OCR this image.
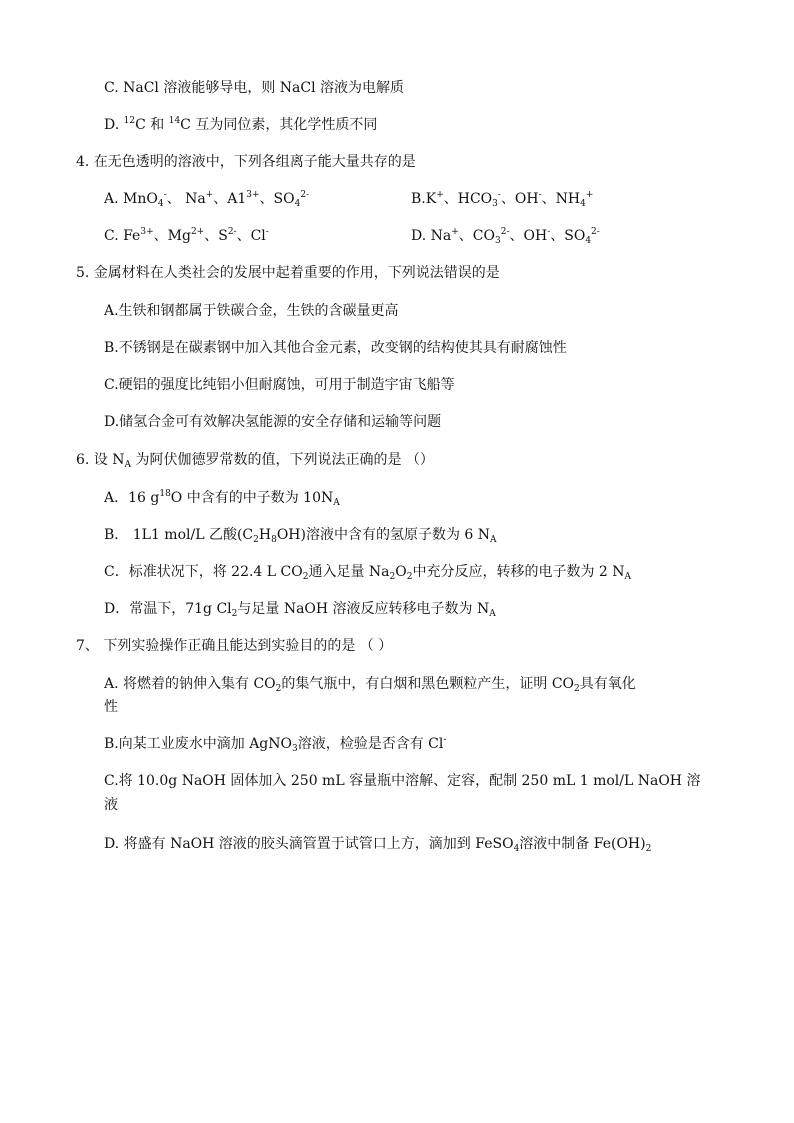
C. NaCl 溶液能够导电，则 NaCl 溶液为电解质
D. $^{12}$C 和 $^{14}$C 互为同位素，其化学性质不同
4. 在无色透明的溶液中，下列各组离子能大量共存的是
A. MnO$_4$-、 Na+、$A1^{3+}$、$SO_4^{2-}$	B.K+、$HCO_3^-$、OH-、$NH_4^+$
C. $Fe^{3+}$、$Mg^{2+}$、$S^{2-}$、Cl-	D. Na+、$CO_3^{2-}$、OH-、$SO_4^{2-}$
5. 金属材料在人类社会的发展中起着重要的作用，下列说法错误的是
A.生铁和钢都属于铁碳合金，生铁的含碳量更高
B.不锈钢是在碳素钢中加入其他合金元素，改变钢的结构使其具有耐腐蚀性
C.硬铝的强度比纯铝小但耐腐蚀，可用于制造宇宙飞船等
D.储氢合金可有效解决氢能源的安全存储和运输等问题
6. 设 $N_A$ 为阿伏伽德罗常数的值，下列说法正确的是 （）
A．16 $g^{18}O$ 中含有的中子数为 $10N_A$
B． 1L1 mol/L 乙酸$(C_2H_8OH)$溶液中含有的氢原子数为 6 $N_A$
C．标准状况下，将 22.4 L $CO_2$通入足量 $Na_2O_2$中充分反应，转移的电子数为 2 $N_A$
D．常温下，71g $Cl_2$与足量 NaOH 溶液反应转移电子数为 $N_A$
7、 下列实验操作正确且能达到实验目的的是 （ ）
A. 将燃着的钠伸入集有 $CO_2$的集气瓶中，有白烟和黑色颗粒产生，证明 $CO_2$具有氧化
性
B.向某工业废水中滴加 AgNO$_3$溶液，检验是否含有 Cl-
C.将 10.0g NaOH 固体加入 250 mL 容量瓶中溶解、定容，配制 250 mL 1 mol/L NaOH 溶
液
D. 将盛有 NaOH 溶液的胶头滴管置于试管口上方，滴加到 FeSO$_4$溶液中制备 $Fe(OH)_2$
